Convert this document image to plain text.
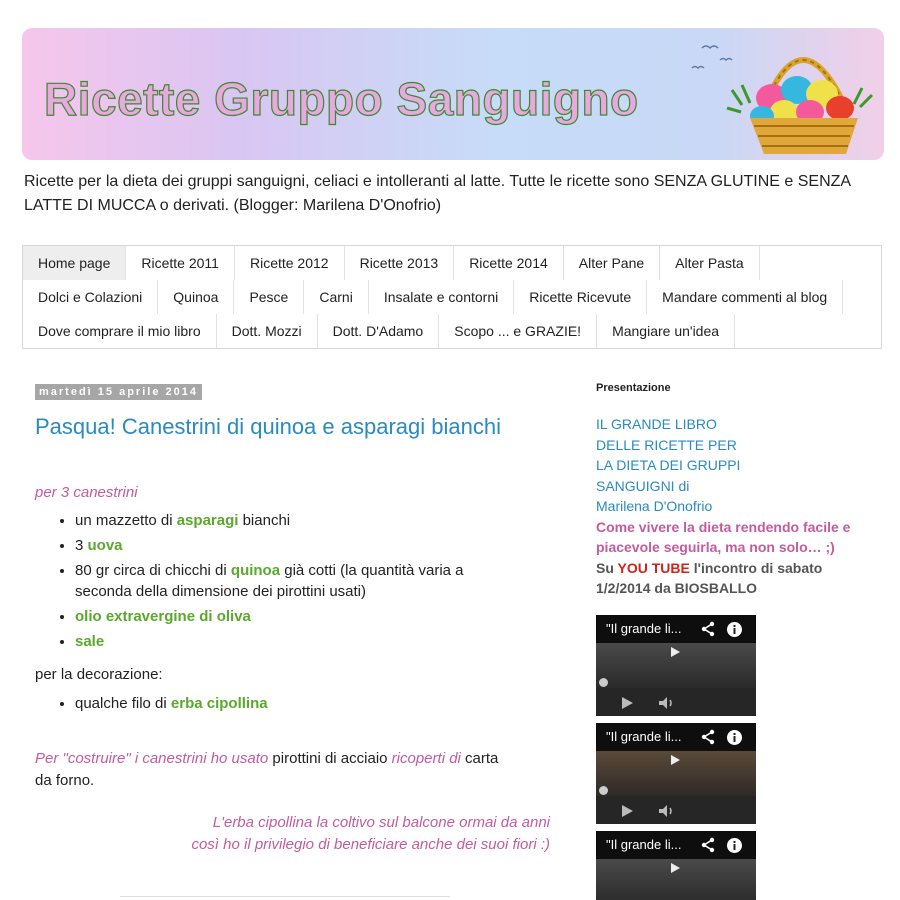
Ricette Gruppo Sanguigno
Ricette per la dieta dei gruppi sanguigni, celiaci e intolleranti al latte. Tutte le ricette sono SENZA GLUTINE e SENZA LATTE DI MUCCA o derivati. (Blogger: Marilena D'Onofrio)
Home page	Ricette 2011	Ricette 2012	Ricette 2013	Ricette 2014	Alter Pane	Alter Pasta
Dolci e Colazioni	Quinoa	Pesce	Carni	Insalate e contorni	Ricette Ricevute	Mandare commenti al blog
Dove comprare il mio libro	Dott. Mozzi	Dott. D'Adamo	Scopo ... e GRAZIE!	Mangiare un'idea
martedì 15 aprile 2014
Pasqua! Canestrini di quinoa e asparagi bianchi
per 3 canestrini
• un mazzetto di asparagi bianchi
• 3 uova
• 80 gr circa di chicchi di quinoa già cotti (la quantità varia a seconda della dimensione dei pirottini usati)
• olio extravergine di oliva
• sale
per la decorazione:
• qualche filo di erba cipollina
Per "costruire" i canestrini ho usato pirottini di acciaio ricoperti di carta da forno.
L'erba cipollina la coltivo sul balcone ormai da anni
così ho il privilegio di beneficiare anche dei suoi fiori :)
Presentazione
IL GRANDE LIBRO
DELLE RICETTE PER
LA DIETA DEI GRUPPI
SANGUIGNI di
Marilena D'Onofrio
Come vivere la dieta rendendo facile e piacevole seguirla, ma non solo… ;)
Su YOU TUBE l'incontro di sabato 1/2/2014 da BIOSBALLO
"Il grande li...
"Il grande li...
"Il grande li...
